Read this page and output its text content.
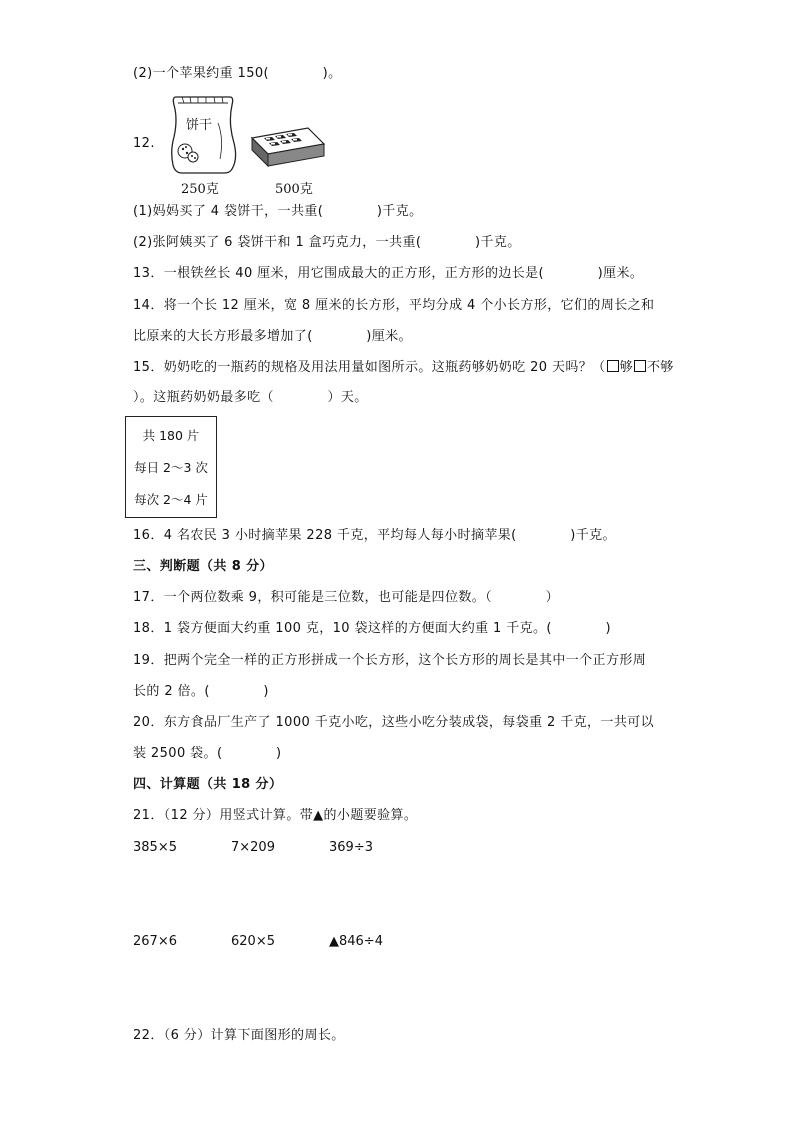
(2)一个苹果约重 150(　　　　)。
12.
饼干
250克	500克
(1)妈妈买了 4 袋饼干，一共重(　　　　)千克。
(2)张阿姨买了 6 袋饼干和 1 盒巧克力，一共重(　　　　)千克。
13．一根铁丝长 40 厘米，用它围成最大的正方形，正方形的边长是(　　　　)厘米。
14．将一个长 12 厘米，宽 8 厘米的长方形，平均分成 4 个小长方形，它们的周长之和
比原来的大长方形最多增加了(　　　　)厘米。
15．奶奶吃的一瓶药的规格及用法用量如图所示。这瓶药够奶奶吃 20 天吗？（ 够 不够
）。这瓶药奶奶最多吃（　　　　）天。
共 180 片
每日 2～3 次
每次 2～4 片
16．4 名农民 3 小时摘苹果 228 千克，平均每人每小时摘苹果(　　　　)千克。
三、判断题（共 8 分）
17．一个两位数乘 9，积可能是三位数，也可能是四位数。（　　　　）
18．1 袋方便面大约重 100 克，10 袋这样的方便面大约重 1 千克。(　　　　)
19．把两个完全一样的正方形拼成一个长方形，这个长方形的周长是其中一个正方形周
长的 2 倍。(　　　　)
20．东方食品厂生产了 1000 千克小吃，这些小吃分装成袋，每袋重 2 千克，一共可以
装 2500 袋。(　　　　)
四、计算题（共 18 分）
21．（12 分）用竖式计算。带▲的小题要验算。
385×5	7×209	369÷3
267×6	620×5	▲846÷4
22．（6 分）计算下面图形的周长。
